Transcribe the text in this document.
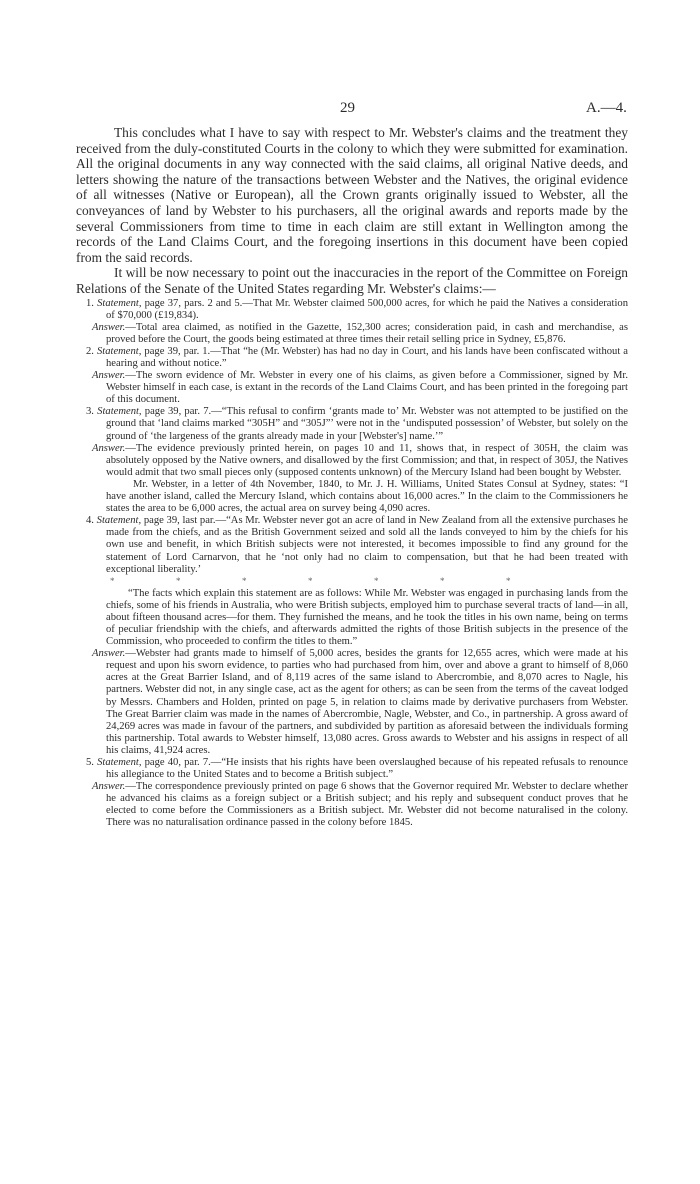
29	A.—4.

This concludes what I have to say with respect to Mr. Webster's claims and the treatment they received from the duly-constituted Courts in the colony to which they were submitted for examination. All the original documents in any way connected with the said claims, all original Native deeds, and letters showing the nature of the transactions between Webster and the Natives, the original evidence of all witnesses (Native or European), all the Crown grants originally issued to Webster, all the conveyances of land by Webster to his purchasers, all the original awards and reports made by the several Commissioners from time to time in each claim are still extant in Wellington among the records of the Land Claims Court, and the foregoing insertions in this document have been copied from the said records.

It will be now necessary to point out the inaccuracies in the report of the Committee on Foreign Relations of the Senate of the United States regarding Mr. Webster's claims:—

1. Statement, page 37, pars. 2 and 5.—That Mr. Webster claimed 500,000 acres, for which he paid the Natives a consideration of $70,000 (£19,834).

Answer.—Total area claimed, as notified in the Gazette, 152,300 acres; consideration paid, in cash and merchandise, as proved before the Court, the goods being estimated at three times their retail selling price in Sydney, £5,876.

2. Statement, page 39, par. 1.—That “he (Mr. Webster) has had no day in Court, and his lands have been confiscated without a hearing and without notice.”

Answer.—The sworn evidence of Mr. Webster in every one of his claims, as given before a Commissioner, signed by Mr. Webster himself in each case, is extant in the records of the Land Claims Court, and has been printed in the foregoing part of this document.

3. Statement, page 39, par. 7.—“This refusal to confirm ‘grants made to’ Mr. Webster was not attempted to be justified on the ground that ‘land claims marked “305H” and “305J”’ were not in the ‘undisputed possession’ of Webster, but solely on the ground of ‘the largeness of the grants already made in your [Webster's] name.’”

Answer.—The evidence previously printed herein, on pages 10 and 11, shows that, in respect of 305H, the claim was absolutely opposed by the Native owners, and disallowed by the first Commission; and that, in respect of 305J, the Natives would admit that two small pieces only (supposed contents unknown) of the Mercury Island had been bought by Webster.

Mr. Webster, in a letter of 4th November, 1840, to Mr. J. H. Williams, United States Consul at Sydney, states: “I have another island, called the Mercury Island, which contains about 16,000 acres.” In the claim to the Commissioners he states the area to be 6,000 acres, the actual area on survey being 4,090 acres.

4. Statement, page 39, last par.—“As Mr. Webster never got an acre of land in New Zealand from all the extensive purchases he made from the chiefs, and as the British Government seized and sold all the lands conveyed to him by the chiefs for his own use and benefit, in which British subjects were not interested, it becomes impossible to find any ground for the statement of Lord Carnarvon, that he ‘not only had no claim to compensation, but that he had been treated with exceptional liberality.’

*	*	*	*	*	*	*

“The facts which explain this statement are as follows: While Mr. Webster was engaged in purchasing lands from the chiefs, some of his friends in Australia, who were British subjects, employed him to purchase several tracts of land—in all, about fifteen thousand acres—for them. They furnished the means, and he took the titles in his own name, being on terms of peculiar friendship with the chiefs, and afterwards admitted the rights of those British subjects in the presence of the Commission, who proceeded to confirm the titles to them.”

Answer.—Webster had grants made to himself of 5,000 acres, besides the grants for 12,655 acres, which were made at his request and upon his sworn evidence, to parties who had purchased from him, over and above a grant to himself of 8,060 acres at the Great Barrier Island, and of 8,119 acres of the same island to Abercrombie, and 8,070 acres to Nagle, his partners. Webster did not, in any single case, act as the agent for others; as can be seen from the terms of the caveat lodged by Messrs. Chambers and Holden, printed on page 5, in relation to claims made by derivative purchasers from Webster. The Great Barrier claim was made in the names of Abercrombie, Nagle, Webster, and Co., in partnership. A gross award of 24,269 acres was made in favour of the partners, and subdivided by partition as aforesaid between the individuals forming this partnership. Total awards to Webster himself, 13,080 acres. Gross awards to Webster and his assigns in respect of all his claims, 41,924 acres.

5. Statement, page 40, par. 7.—“He insists that his rights have been overslaughed because of his repeated refusals to renounce his allegiance to the United States and to become a British subject.”

Answer.—The correspondence previously printed on page 6 shows that the Governor required Mr. Webster to declare whether he advanced his claims as a foreign subject or a British subject; and his reply and subsequent conduct proves that he elected to come before the Commissioners as a British subject. Mr. Webster did not become naturalised in the colony. There was no naturalisation ordinance passed in the colony before 1845.
